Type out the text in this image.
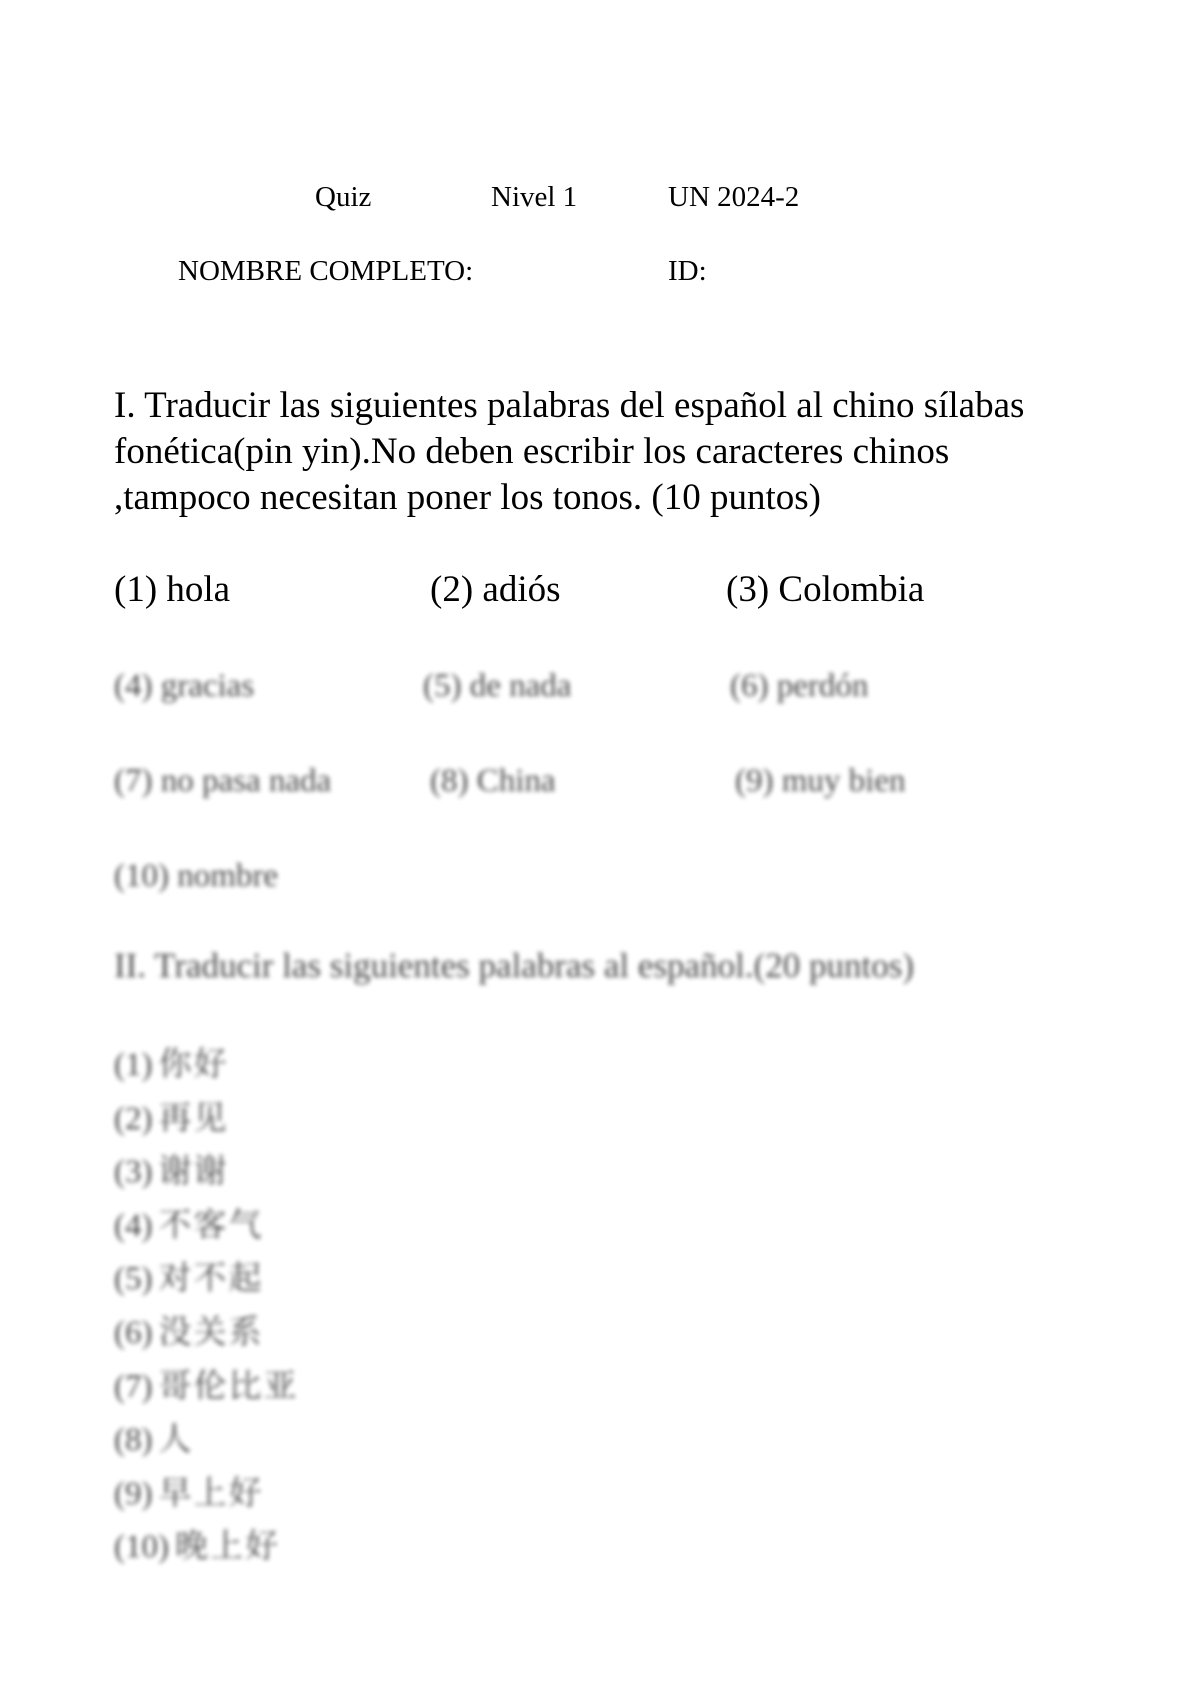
Quiz	Nivel 1	UN 2024-2
NOMBRE COMPLETO:	ID:
I. Traducir las siguientes palabras del español al chino sílabas fonética(pin yin).No deben escribir los caracteres chinos ,tampoco necesitan poner los tonos. (10 puntos)
(1) hola	(2) adiós	(3) Colombia
(4) gracias	(5) de nada	(6) perdón
(7) no pasa nada	(8) China	(9) muy bien
(10) nombre
II. Traducir las siguientes palabras al español.(20 puntos)
(1) 你好
(2) 再见
(3) 谢谢
(4) 不客气
(5) 对不起
(6) 没关系
(7) 哥伦比亚
(8) 人
(9) 早上好
(10) 晚上好
